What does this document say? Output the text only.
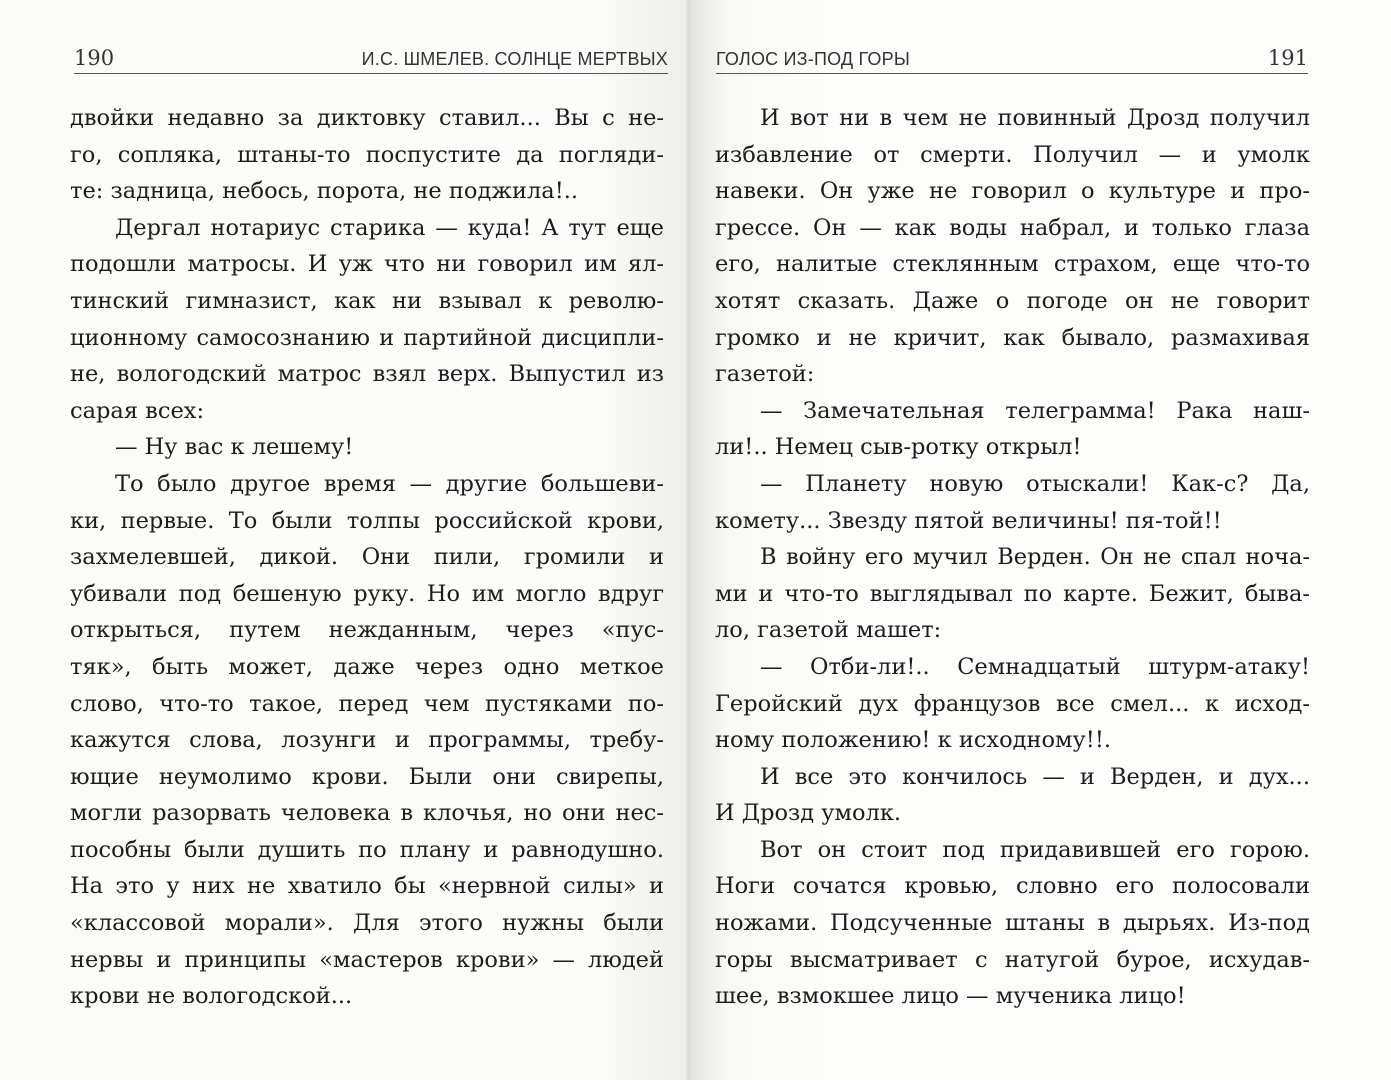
190	И.С. ШМЕЛЕВ. СОЛНЦЕ МЕРТВЫХ
двойки недавно за диктовку ставил... Вы с не-
го, сопляка, штаны-то поспустите да погляди-
те: задница, небось, порота, не поджила!..
Дергал нотариус старика — куда! А тут еще
подошли матросы. И уж что ни говорил им ял-
тинский гимназист, как ни взывал к револю-
ционному самосознанию и партийной дисципли-
не, вологодский матрос взял верх. Выпустил из
сарая всех:
— Ну вас к лешему!
То было другое время — другие большеви-
ки, первые. То были толпы российской крови,
захмелевшей, дикой. Они пили, громили и
убивали под бешеную руку. Но им могло вдруг
открыться, путем нежданным, через «пус-
тяк», быть может, даже через одно меткое
слово, что-то такое, перед чем пустяками по-
кажутся слова, лозунги и программы, требу-
ющие неумолимо крови. Были они свирепы,
могли разорвать человека в клочья, но они нес-
пособны были душить по плану и равнодушно.
На это у них не хватило бы «нервной силы» и
«классовой морали». Для этого нужны были
нервы и принципы «мастеров крови» — людей
крови не вологодской...
ГОЛОС ИЗ-ПОД ГОРЫ	191
И вот ни в чем не повинный Дрозд получил
избавление от смерти. Получил — и умолк
навеки. Он уже не говорил о культуре и про-
грессе. Он — как воды набрал, и только глаза
его, налитые стеклянным страхом, еще что-то
хотят сказать. Даже о погоде он не говорит
громко и не кричит, как бывало, размахивая
газетой:
— Замечательная телеграмма! Рака наш-
ли!.. Немец сыв-ротку открыл!
— Планету новую отыскали! Как-с? Да,
комету... Звезду пятой величины! пя-той!!
В войну его мучил Верден. Он не спал ноча-
ми и что-то выглядывал по карте. Бежит, быва-
ло, газетой машет:
— Отби-ли!.. Семнадцатый штурм-атаку!
Геройский дух французов все смел... к исход-
ному положению! к исходному!!.
И все это кончилось — и Верден, и дух...
И Дрозд умолк.
Вот он стоит под придавившей его горою.
Ноги сочатся кровью, словно его полосовали
ножами. Подсученные штаны в дырьях. Из-под
горы высматривает с натугой бурое, исхудав-
шее, взмокшее лицо — мученика лицо!
